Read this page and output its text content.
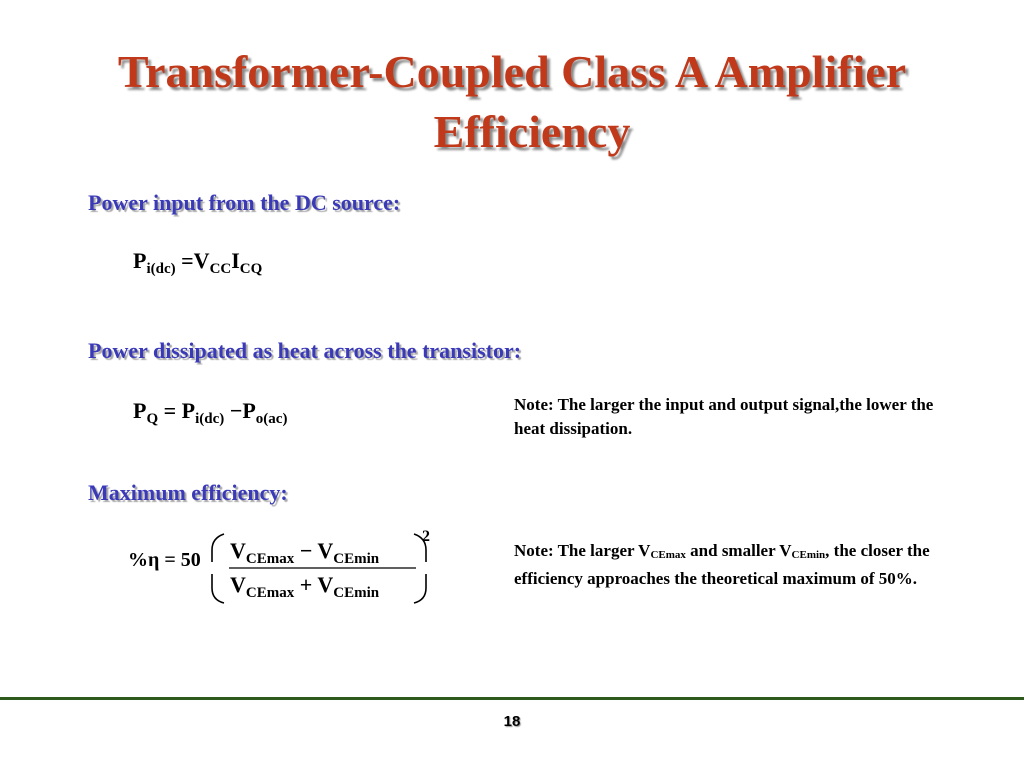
Transformer-Coupled Class A Amplifier
Efficiency
Power input from the DC source:
$P_{i(dc)} =V_{CC}I_{CQ}$
Power dissipated as heat across the transistor:
$P_Q = P_{i(dc)} -P_{o(ac)}$
Note: The larger the input and output signal,the lower the heat dissipation.
Maximum efficiency:
%η = 50 $V_{CEmax} - V_{CEmin}$
$V_{CEmax} + V_{CEmin}$
2
Note: The larger $V_{CEmax}$ and smaller $V_{CEmin}$, the closer the efficiency approaches the theoretical maximum of 50%.
18
